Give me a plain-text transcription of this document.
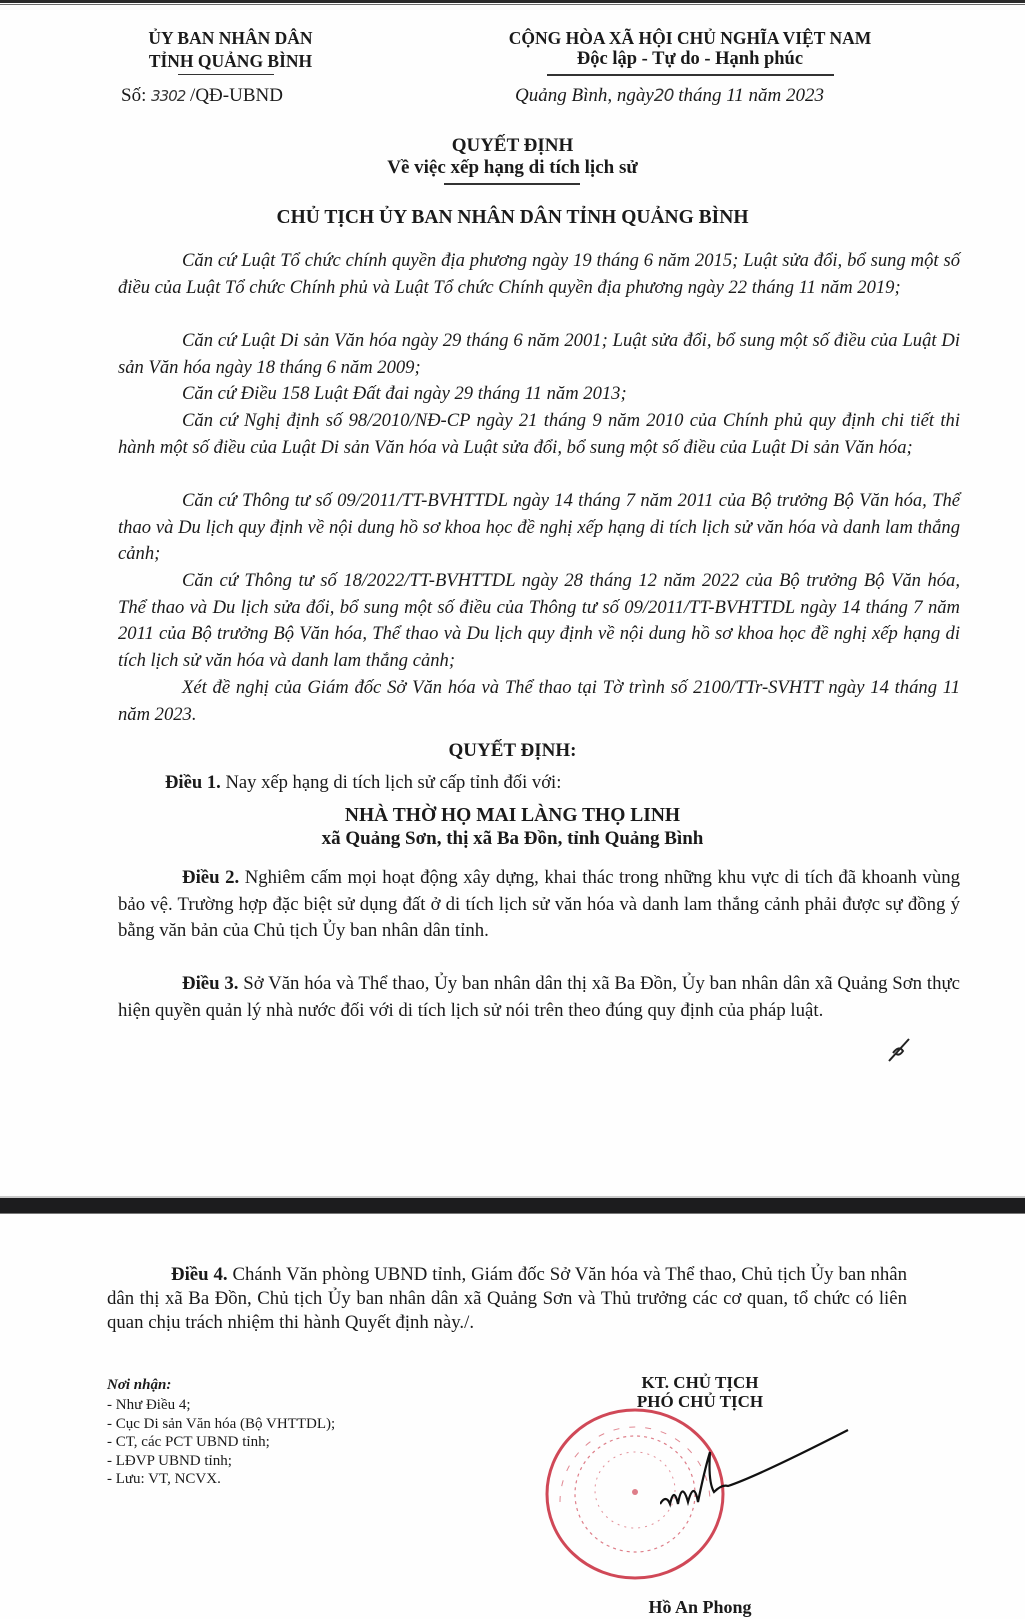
ỦY BAN NHÂN DÂN
TỈNH QUẢNG BÌNH
Số: 3302 /QĐ-UBND
CỘNG HÒA XÃ HỘI CHỦ NGHĨA VIỆT NAM
Độc lập - Tự do - Hạnh phúc
Quảng Bình, ngày20 tháng 11 năm 2023
QUYẾT ĐỊNH
Về việc xếp hạng di tích lịch sử
CHỦ TỊCH ỦY BAN NHÂN DÂN TỈNH QUẢNG BÌNH
Căn cứ Luật Tổ chức chính quyền địa phương ngày 19 tháng 6 năm 2015; Luật sửa đổi, bổ sung một số điều của Luật Tổ chức Chính phủ và Luật Tổ chức Chính quyền địa phương ngày 22 tháng 11 năm 2019;
Căn cứ Luật Di sản Văn hóa ngày 29 tháng 6 năm 2001; Luật sửa đổi, bổ sung một số điều của Luật Di sản Văn hóa ngày 18 tháng 6 năm 2009;
Căn cứ Điều 158 Luật Đất đai ngày 29 tháng 11 năm 2013;
Căn cứ Nghị định số 98/2010/NĐ-CP ngày 21 tháng 9 năm 2010 của Chính phủ quy định chi tiết thi hành một số điều của Luật Di sản Văn hóa và Luật sửa đổi, bổ sung một số điều của Luật Di sản Văn hóa;
Căn cứ Thông tư số 09/2011/TT-BVHTTDL ngày 14 tháng 7 năm 2011 của Bộ trưởng Bộ Văn hóa, Thể thao và Du lịch quy định về nội dung hồ sơ khoa học đề nghị xếp hạng di tích lịch sử văn hóa và danh lam thắng cảnh;
Căn cứ Thông tư số 18/2022/TT-BVHTTDL ngày 28 tháng 12 năm 2022 của Bộ trưởng Bộ Văn hóa, Thể thao và Du lịch sửa đổi, bổ sung một số điều của Thông tư số 09/2011/TT-BVHTTDL ngày 14 tháng 7 năm 2011 của Bộ trưởng Bộ Văn hóa, Thể thao và Du lịch quy định về nội dung hồ sơ khoa học đề nghị xếp hạng di tích lịch sử văn hóa và danh lam thắng cảnh;
Xét đề nghị của Giám đốc Sở Văn hóa và Thể thao tại Tờ trình số 2100/TTr-SVHTT ngày 14 tháng 11 năm 2023.
QUYẾT ĐỊNH:
Điều 1. Nay xếp hạng di tích lịch sử cấp tỉnh đối với:
NHÀ THỜ HỌ MAI LÀNG THỌ LINH
xã Quảng Sơn, thị xã Ba Đồn, tỉnh Quảng Bình
Điều 2. Nghiêm cấm mọi hoạt động xây dựng, khai thác trong những khu vực di tích đã khoanh vùng bảo vệ. Trường hợp đặc biệt sử dụng đất ở di tích lịch sử văn hóa và danh lam thắng cảnh phải được sự đồng ý bằng văn bản của Chủ tịch Ủy ban nhân dân tỉnh.
Điều 3. Sở Văn hóa và Thể thao, Ủy ban nhân dân thị xã Ba Đồn, Ủy ban nhân dân xã Quảng Sơn thực hiện quyền quản lý nhà nước đối với di tích lịch sử nói trên theo đúng quy định của pháp luật.
Điều 4. Chánh Văn phòng UBND tỉnh, Giám đốc Sở Văn hóa và Thể thao, Chủ tịch Ủy ban nhân dân thị xã Ba Đồn, Chủ tịch Ủy ban nhân dân xã Quảng Sơn và Thủ trưởng các cơ quan, tổ chức có liên quan chịu trách nhiệm thi hành Quyết định này./.
Nơi nhận:
- Như Điều 4;
- Cục Di sản Văn hóa (Bộ VHTTDL);
- CT, các PCT UBND tỉnh;
- LĐVP UBND tỉnh;
- Lưu: VT, NCVX.
KT. CHỦ TỊCH
PHÓ CHỦ TỊCH
Hồ An Phong
